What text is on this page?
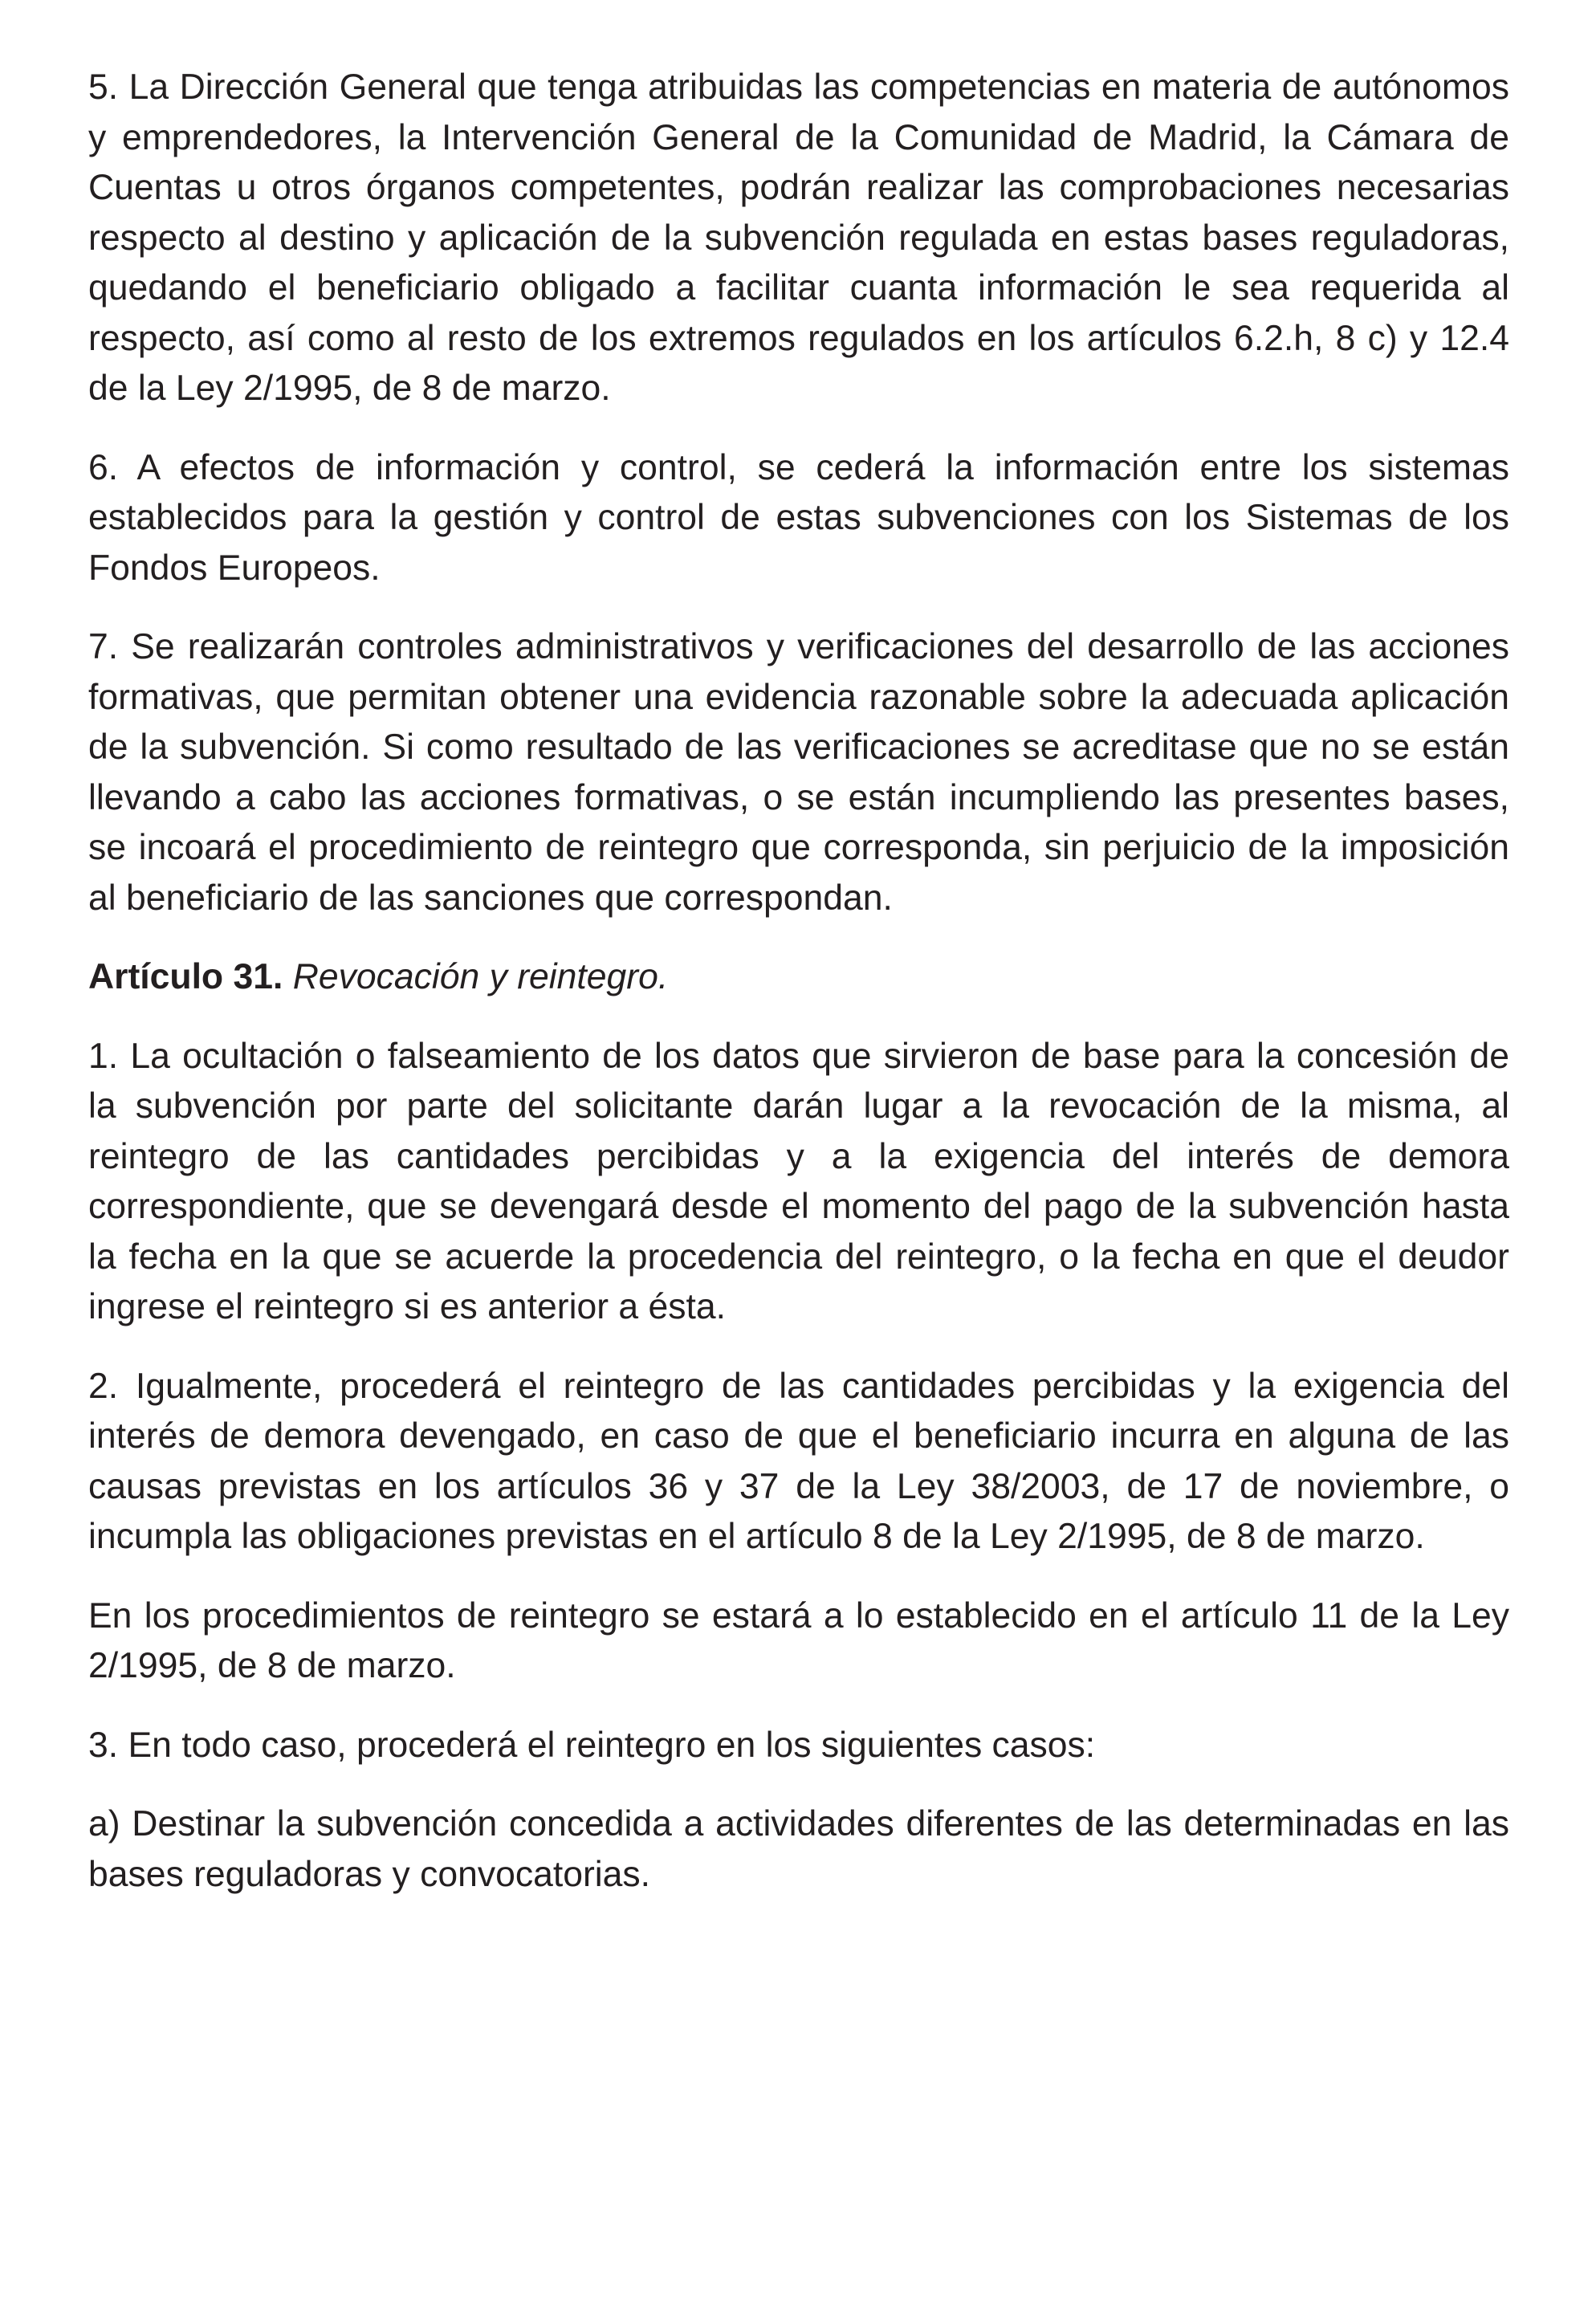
5. La Dirección General que tenga atribuidas las competencias en materia de autónomos y emprendedores, la Intervención General de la Comunidad de Madrid, la Cámara de Cuentas u otros órganos competentes, podrán realizar las comprobaciones necesarias respecto al destino y aplicación de la subvención regulada en estas bases reguladoras, quedando el beneficiario obligado a facilitar cuanta información le sea requerida al respecto, así como al resto de los extremos regulados en los artículos 6.2.h, 8 c) y 12.4 de la Ley 2/1995, de 8 de marzo.

6. A efectos de información y control, se cederá la información entre los sistemas establecidos para la gestión y control de estas subvenciones con los Sistemas de los Fondos Europeos.

7. Se realizarán controles administrativos y verificaciones del desarrollo de las acciones formativas, que permitan obtener una evidencia razonable sobre la adecuada aplicación de la subvención. Si como resultado de las verificaciones se acreditase que no se están llevando a cabo las acciones formativas, o se están incumpliendo las presentes bases, se incoará el procedimiento de reintegro que corresponda, sin perjuicio de la imposición al beneficiario de las sanciones que correspondan.

Artículo 31. Revocación y reintegro.

1. La ocultación o falseamiento de los datos que sirvieron de base para la concesión de la subvención por parte del solicitante darán lugar a la revocación de la misma, al reintegro de las cantidades percibidas y a la exigencia del interés de demora correspondiente, que se devengará desde el momento del pago de la subvención hasta la fecha en la que se acuerde la procedencia del reintegro, o la fecha en que el deudor ingrese el reintegro si es anterior a ésta.

2. Igualmente, procederá el reintegro de las cantidades percibidas y la exigencia del interés de demora devengado, en caso de que el beneficiario incurra en alguna de las causas previstas en los artículos 36 y 37 de la Ley 38/2003, de 17 de noviembre, o incumpla las obligaciones previstas en el artículo 8 de la Ley 2/1995, de 8 de marzo.

En los procedimientos de reintegro se estará a lo establecido en el artículo 11 de la Ley 2/1995, de 8 de marzo.

3. En todo caso, procederá el reintegro en los siguientes casos:

a) Destinar la subvención concedida a actividades diferentes de las determinadas en las bases reguladoras y convocatorias.
